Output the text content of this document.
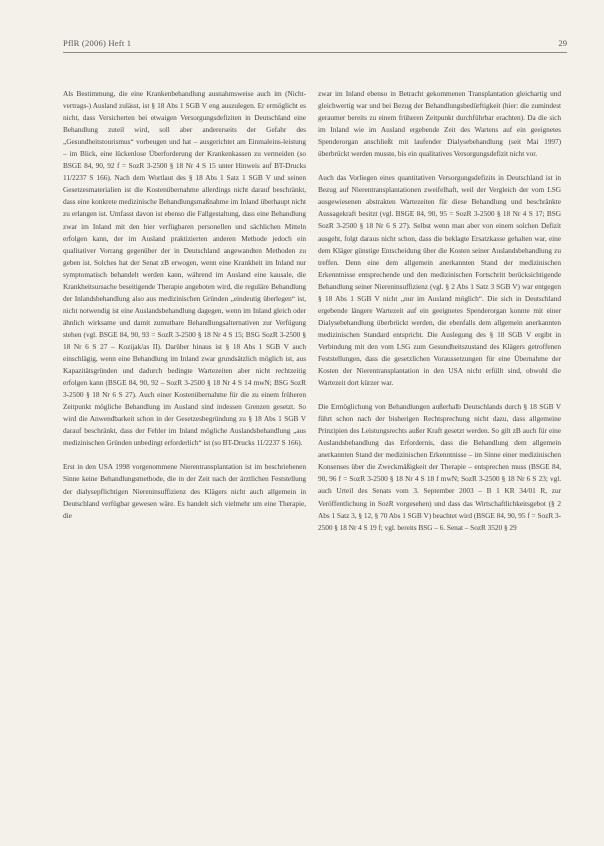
PflR (2006) Heft 1	29

Als Bestimmung, die eine Krankenbehandlung ausnahmsweise auch im (Nicht-vertrags-) Ausland zulässt, ist § 18 Abs 1 SGB V eng auszulegen. Er ermöglicht es nicht, dass Versicherten bei etwaigen Versorgungsdefiziten in Deutschland eine Behandlung zuteil wird, soll aber andererseits der Gefahr des „Gesundheitstourismus“ vorbeugen und hat – ausgerichtet am Einmaleins-leistung – im Blick, eine lückenlose Überforderung der Krankenkassen zu vermeiden (so BSGE 84, 90, 92 f = SozR 3-2500 § 18 Nr 4 S 15 unter Hinweis auf BT-Drucks 11/2237 S 166). Nach dem Wortlaut des § 18 Abs 1 Satz 1 SGB V und seinen Gesetzesmaterialien ist die Kostenübernahme allerdings nicht darauf beschränkt, dass eine konkrete medizinische Behandlungsmaßnahme im Inland überhaupt nicht zu erlangen ist. Umfasst davon ist ebenso die Fallgestaltung, dass eine Behandlung zwar im Inland mit den hier verfügbaren personellen und sächlichen Mitteln erfolgen kann, der im Ausland praktizierten anderen Methode jedoch ein qualitativer Vorrang gegenüber der in Deutschland angewandten Methoden zu geben ist. Solches hat der Senat zB erwogen, wenn eine Krankheit im Inland nur symptomatisch behandelt werden kann, während im Ausland eine kausale, die Krankheitsursache beseitigende Therapie angeboten wird, die reguläre Behandlung der Inlandsbehandlung also aus medizinischen Gründen „eindeutig überlegen“ ist, nicht notwendig ist eine Auslandsbehandlung dagegen, wenn im Inland gleich oder ähnlich wirksame und damit zumutbare Behandlungsalternativen zur Verfügung stehen (vgl. BSGE 84, 90, 93 = SozR 3-2500 § 18 Nr 4 S 15; BSG SozR 3-2500 § 18 Nr 6 S 27 – Kozijak/as II). Darüber hinaus ist § 18 Abs 1 SGB V auch einschlägig, wenn eine Behandlung im Inland zwar grundsätzlich möglich ist, aus Kapazitätsgründen und dadurch bedingte Wartezeiten aber nicht rechtzeitig erfolgen kann (BSGE 84, 90, 92 – SozR 3-2500 § 18 Nr 4 S 14 mwN; BSG SozR 3-2500 § 18 Nr 6 S 27). Auch einer Kostenübernahme für die zu einem früheren Zeitpunkt mögliche Behandlung im Ausland sind indessen Grenzen gesetzt. So wird die Anwendbarkeit schon in der Gesetzesbegründung zu § 18 Abs 1 SGB V darauf beschränkt, dass der Fehler im Inland mögliche Auslandsbehandlung „aus medizinischen Gründen unbedingt erforderlich“ ist (so BT-Drucks 11/2237 S 166).

Erst in den USA 1998 vorgenommene Nierentransplantation ist im beschriebenen Sinne keine Behandlungsmethode, die in der Zeit nach der ärztlichen Feststellung der dialysepflichtigen Niereninsuffizienz des Klägers nicht auch allgemein in Deutschland verfügbar gewesen wäre. Es handelt sich vielmehr um eine Therapie, die

zwar im Inland ebenso in Betracht gekommenen Transplantation gleichartig und gleichwertig war und bei Bezug der Behandlungsbedürftigkeit (hier: die zumindest geraumer bereits zu einem früheren Zeitpunkt durchführbar erachten). Da die sich im Inland wie im Ausland ergebende Zeit des Wartens auf ein geeignetes Spenderorgan anschließt mit laufender Dialysebehandlung (seit Mai 1997) überbrückt werden musste, bis ein qualitatives Versorgungsdefizit nicht vor.

Auch das Vorliegen eines quantitativen Versorgungsdefizits in Deutschland ist in Bezug auf Nierentransplantationen zweifelhaft, weil der Vergleich der vom LSG ausgewiesenen abstrakten Wartezeiten für diese Behandlung und beschränkte Aussagekraft besitzt (vgl. BSGE 84, 90, 95 = SozR 3-2500 § 18 Nr 4 S 17; BSG SozR 3-2500 § 18 Nr 6 S 27). Selbst wenn man aber von einem solchen Defizit ausgeht, folgt daraus nicht schon, dass die beklagte Ersatzkasse gehalten war, eine dem Kläger günstige Entscheidung über die Kosten seiner Auslandsbehandlung zu treffen. Denn eine dem allgemein anerkannten Stand der medizinischen Erkenntnisse entsprechende und den medizinischen Fortschritt berücksichtigende Behandlung seiner Niereninsuffizienz (vgl. § 2 Abs 1 Satz 3 SGB V) war entgegen § 18 Abs 1 SGB V nicht „nur im Ausland möglich“. Die sich in Deutschland ergebende längere Wartezeit auf ein geeignetes Spenderorgan konnte mit einer Dialysebehandlung überbrückt werden, die ebenfalls dem allgemein anerkannten medizinischen Standard entspricht. Die Auslegung des § 18 SGB V ergibt in Verbindung mit den vom LSG zum Gesundheitszustand des Klägers getroffenen Feststellungen, dass die gesetzlichen Voraussetzungen für eine Übernahme der Kosten der Nierentransplantation in den USA nicht erfüllt sind, obwohl die Wartezeit dort kürzer war.

Die Ermöglichung von Behandlungen außerhalb Deutschlands durch § 18 SGB V führt schon nach der bisherigen Rechtsprechung nicht dazu, dass allgemeine Prinzipien des Leistungsrechts außer Kraft gesetzt werden. So gilt zB auch für eine Auslandsbehandlung das Erfordernis, dass die Behandlung dem allgemein anerkannten Stand der medizinischen Erkenntnisse – im Sinne einer medizinischen Konsenses über die Zweckmäßigkeit der Therapie – entsprechen muss (BSGE 84, 90, 96 f = SozR 3-2500 § 18 Nr 4 S 18 f mwN; SozR 3-2500 § 18 Nr 6 S 23; vgl. auch Urteil des Senats vom 3. September 2003 – B 1 KR 34/01 R, zur Veröffentlichung in SozR vorgesehen) und dass das Wirtschaftlichkeitsgebot (§ 2 Abs 1 Satz 3, § 12, § 70 Abs 1 SGB V) beachtet wird (BSGE 84, 90, 95 f = SozR 3-2500 § 18 Nr 4 S 19 f; vgl. bereits BSG – 6. Senat – SozR 3520 § 29
